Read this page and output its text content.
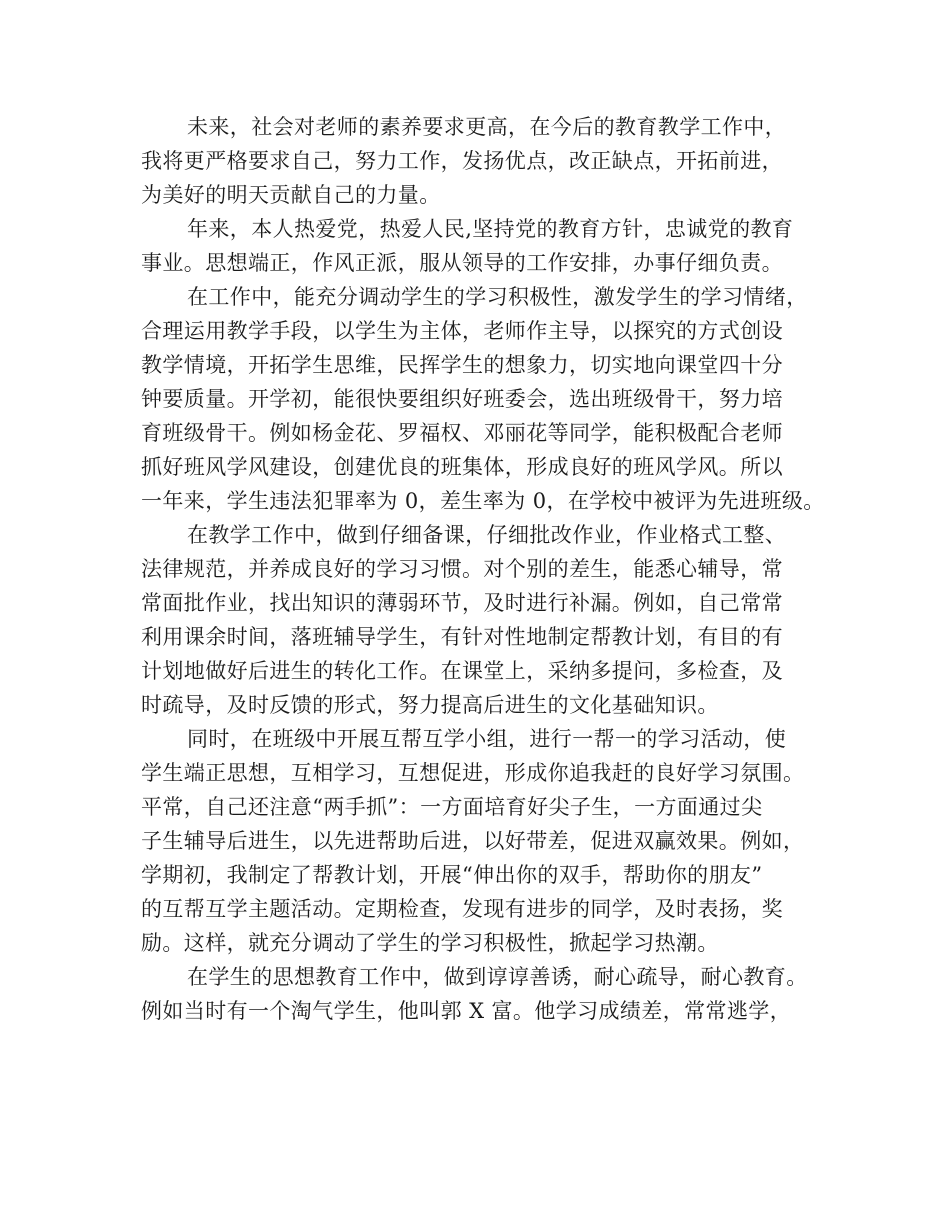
未来，社会对老师的素养要求更高，在今后的教育教学工作中，
我将更严格要求自己，努力工作，发扬优点，改正缺点，开拓前进，
为美好的明天贡献自己的力量。
年来，本人热爱党，热爱人民,坚持党的教育方针，忠诚党的教育
事业。思想端正，作风正派，服从领导的工作安排，办事仔细负责。
在工作中，能充分调动学生的学习积极性，激发学生的学习情绪，
合理运用教学手段，以学生为主体，老师作主导，以探究的方式创设
教学情境，开拓学生思维，民挥学生的想象力，切实地向课堂四十分
钟要质量。开学初，能很快要组织好班委会，选出班级骨干，努力培
育班级骨干。例如杨金花、罗福权、邓丽花等同学，能积极配合老师
抓好班风学风建设，创建优良的班集体，形成良好的班风学风。所以
一年来，学生违法犯罪率为 0，差生率为 0，在学校中被评为先进班级。
在教学工作中，做到仔细备课，仔细批改作业，作业格式工整、
法律规范，并养成良好的学习习惯。对个别的差生，能悉心辅导，常
常面批作业，找出知识的薄弱环节，及时进行补漏。例如，自己常常
利用课余时间，落班辅导学生，有针对性地制定帮教计划，有目的有
计划地做好后进生的转化工作。在课堂上，采纳多提问，多检查，及
时疏导，及时反馈的形式，努力提高后进生的文化基础知识。
同时，在班级中开展互帮互学小组，进行一帮一的学习活动，使
学生端正思想，互相学习，互想促进，形成你追我赶的良好学习氛围。
平常，自己还注意“两手抓”：一方面培育好尖子生，一方面通过尖
子生辅导后进生，以先进帮助后进，以好带差，促进双赢效果。例如，
学期初，我制定了帮教计划，开展“伸出你的双手，帮助你的朋友”
的互帮互学主题活动。定期检查，发现有进步的同学，及时表扬，奖
励。这样，就充分调动了学生的学习积极性，掀起学习热潮。
在学生的思想教育工作中，做到谆谆善诱，耐心疏导，耐心教育。
例如当时有一个淘气学生，他叫郭 X 富。他学习成绩差，常常逃学，
